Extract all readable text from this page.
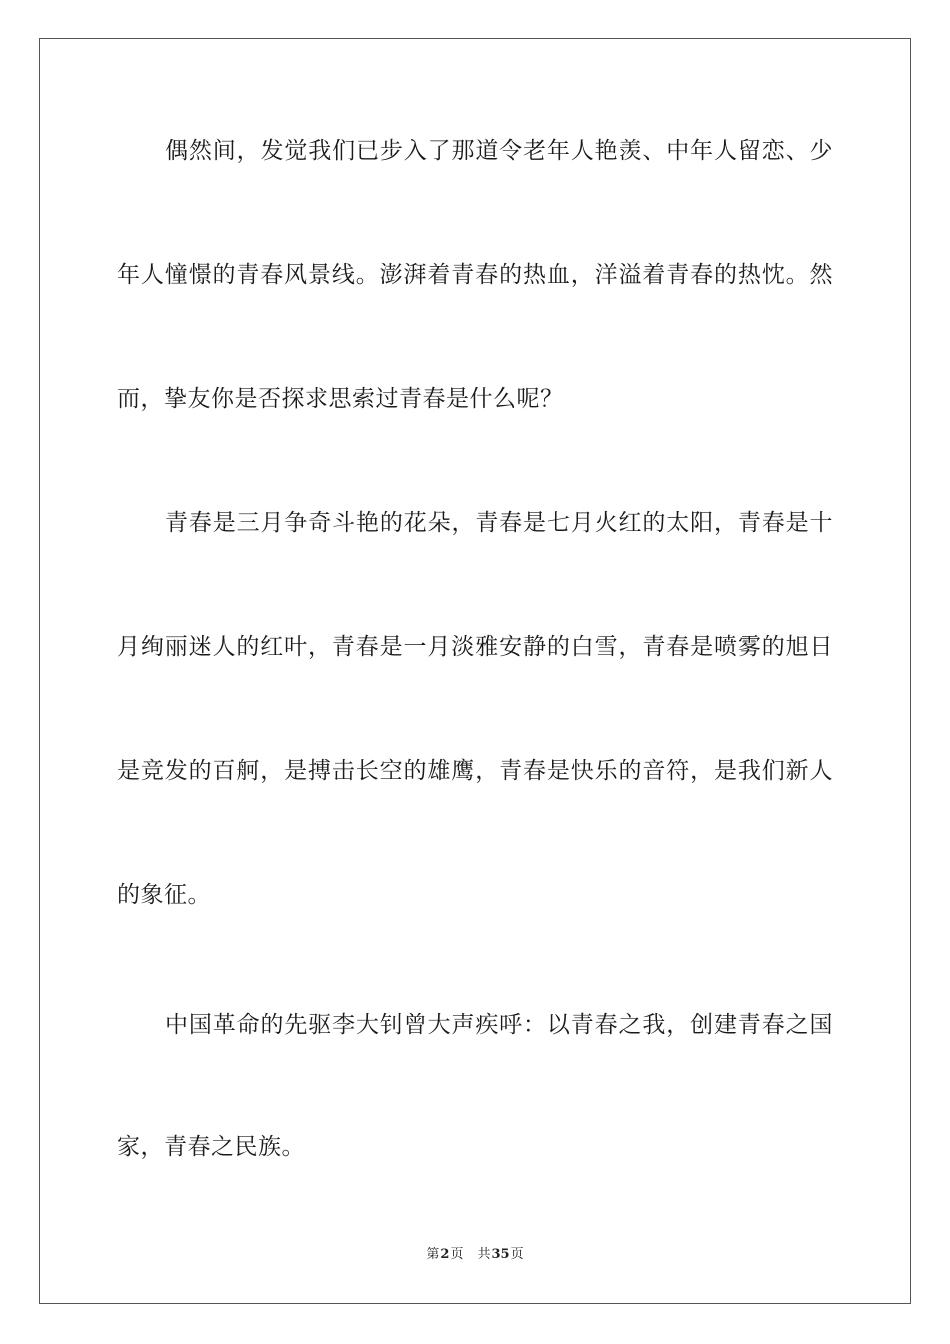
偶然间，发觉我们已步入了那道令老年人艳羡、中年人留恋、少
年人憧憬的青春风景线。澎湃着青春的热血，洋溢着青春的热忱。然
而，挚友你是否探求思索过青春是什么呢？
青春是三月争奇斗艳的花朵，青春是七月火红的太阳，青春是十
月绚丽迷人的红叶，青春是一月淡雅安静的白雪，青春是喷雾的旭日
是竞发的百舸，是搏击长空的雄鹰，青春是快乐的音符，是我们新人
的象征。
中国革命的先驱李大钊曾大声疾呼：以青春之我，创建青春之国
家，青春之民族。
第2页 共35页
